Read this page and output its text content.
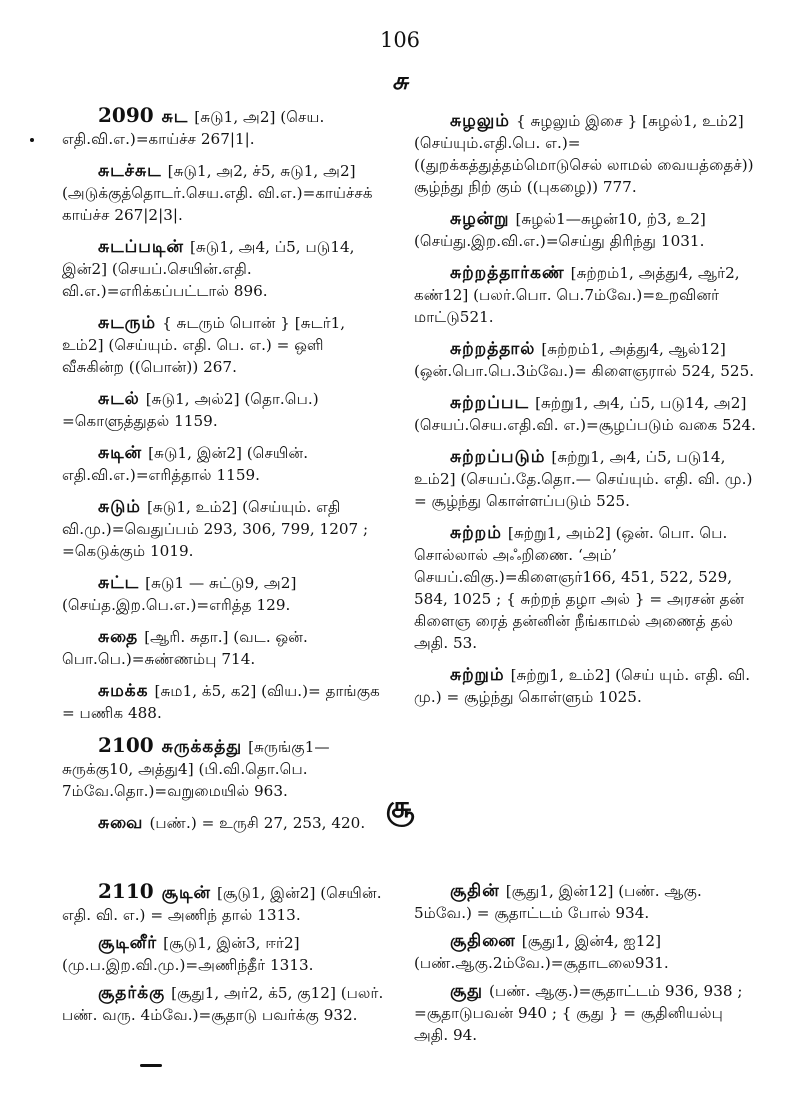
106
சு

2090 சுட [சுடு1, அ2] (செய. எதி.வி.எ.)=காய்ச்ச 267|1|.

சுடச்சுட [சுடு1, அ2, ச்5, சுடு1, அ2] (அடுக்குத்தொடர்.செய.எதி. வி.எ.)=காய்ச்சக் காய்ச்ச 267|2|3|.

சுடப்படின் [சுடு1, அ4, ப்5, படு14, இன்2] (செயப்.செயின்.எதி. வி.எ.)=எரிக்கப்பட்டால் 896.

சுடரும் { சுடரும் பொன் } [சுடர்1, உம்2] (செய்யும். எதி. பெ. எ.) = ஒளி வீசுகின்ற ((பொன்)) 267.

சுடல் [சுடு1, அல்2] (தொ.பெ.) =கொளுத்துதல் 1159.

சுடின் [சுடு1, இன்2] (செயின். எதி.வி.எ.)=எரித்தால் 1159.

சுடும் [சுடு1, உம்2] (செய்யும். எதி வி.மு.)=வெதுப்பம் 293, 306, 799, 1207 ; =கெடுக்கும் 1019.

சுட்ட [சுடு1 — சுட்டு9, அ2] (செய்த.இற.பெ.எ.)=எரித்த 129.

சுதை [ஆரி. சுதா.] (வட. ஒன். பொ.பெ.)=சுண்ணம்பு 714.

சுமக்க [சும1, க்5, க2] (விய.)= தாங்குக = பணிக 488.

2100 சுருக்கத்து [சுருங்கு1— சுருக்கு10, அத்து4] (பி.வி.தொ.பெ. 7ம்வே.தொ.)=வறுமையில் 963.

சுவை (பண்.) = உருசி 27, 253, 420.

சுழலும் { சுழலும் இசை } [சுழல்1, உம்2] (செய்யும்.எதி.பெ. எ.)=((துறக்கத்துத்தம்மொடுசெல் லாமல் வையத்தைச்)) சூழ்ந்து நிற் கும் ((புகழை)) 777.

சுழன்று [சுழல்1—சுழன்10, ற்3, உ2] (செய்து.இற.வி.எ.)=செய்து திரிந்து 1031.

சுற்றத்தார்கண் [சுற்றம்1, அத்து4, ஆர்2, கண்12] (பலர்.பொ. பெ.7ம்வே.)=உறவினர் மாட்டு521.

சுற்றத்தால் [சுற்றம்1, அத்து4, ஆல்12] (ஒன்.பொ.பெ.3ம்வே.)= கிளைஞரால் 524, 525.

சுற்றப்பட [சுற்று1, அ4, ப்5, படு14, அ2] (செயப்.செய.எதி.வி. எ.)=சூழப்படும் வகை 524.

சுற்றப்படும் [சுற்று1, அ4, ப்5, படு14, உம்2] (செயப்.தே.தொ.— செய்யும். எதி. வி. மு.) = சூழ்ந்து கொள்ளப்படும் 525.

சுற்றம் [சுற்று1, அம்2] (ஒன். பொ. பெ. சொல்லால் அஃறிணை. ‘அம்’ செயப்.விகு.)=கிளைஞர்166, 451, 522, 529, 584, 1025 ; { சுற்றந் தழா அல் } = அரசன் தன் கிளைஞ ரைத் தன்னின் நீங்காமல் அணைத் தல் அதி. 53.

சுற்றும் [சுற்று1, உம்2] (செய் யும். எதி. வி. மு.) = சூழ்ந்து கொள்ளும் 1025.

சூ

2110 சூடின் [சூடு1, இன்2] (செயின். எதி. வி. எ.) = அணிந் தால் 1313.

சூடினீர் [சூடு1, இன்3, ஈர்2] (மு.ப.இற.வி.மு.)=அணிந்தீர் 1313.

சூதர்க்கு [சூது1, அர்2, க்5, கு12] (பலர். பண். வரு. 4ம்வே.)=சூதாடு பவர்க்கு 932.

சூதின் [சூது1, இன்12] (பண். ஆகு. 5ம்வே.) = சூதாட்டம் போல் 934.

சூதினை [சூது1, இன்4, ஐ12] (பண்.ஆகு.2ம்வே.)=சூதாடலை931.

சூது (பண். ஆகு.)=சூதாட்டம் 936, 938 ; =சூதாடுபவன் 940 ; { சூது } = சூதினியல்பு அதி. 94.
